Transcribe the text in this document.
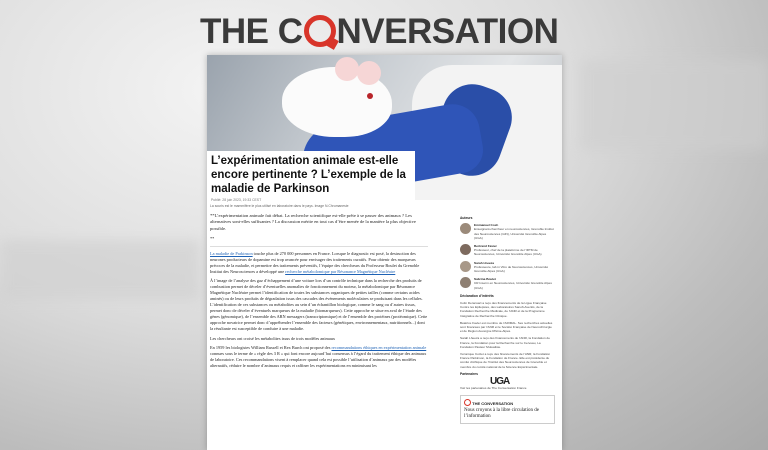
THE C NVERSATION
L’expérimentation animale est-elle encore pertinente ? L’exemple de la maladie de Parkinson
Publié: 28 juin 2023, 19:33 CEST
La souris est le mammifère le plus utilisé en laboratoire dans le pays. Image N.Chrumanesie

**L’expérimentation animale fait débat. La recherche scientifique est-elle prête à se passer des animaux ? Les alternatives sont-elles suffisantes ? La discussion mérite en tout cas d’être menée de la manière la plus objective possible.

**

La maladie de Parkinson touche plus de 270 000 personnes en France. Lorsque le diagnostic est posé, la destruction des neurones producteurs de dopamine est trop avancée pour envisager des traitements curatifs. Pour obtenir des marqueurs précoces de la maladie, et permettre des traitements préventifs, l’équipe des chercheurs du Professeur Boulet du Grenoble Institut des Neurosciences a développé une recherche métabolomique par Résonance Magnétique Nucléaire

À l’image de l’analyse des gaz d’échappement d’une voiture lors d’un contrôle technique dans la recherche des produits de combustion permet de déceler d’éventuelles anomalies de fonctionnement du moteur, la métabolomique par Résonance Magnétique Nucléaire permet l’identification de toutes les substances organiques de petites tailles (comme certains acides aminés) ou de leurs produits de dégradation issus des cascades des événements moléculaires se produisant dans les cellules. L’identification de ces substances ou métabolites au sein d’un échantillon biologique, comme le sang ou d’autres tissus, permet donc de déceler d’éventuels marqueurs de la maladie (biomarqueurs). Cette approche se situe en aval de l’étude des gènes (génomique), de l’ensemble des ARN messagers (transcriptomique) et de l’ensemble des protéines (protéomique). Cette approche novatrice permet donc d’appréhender l’ensemble des facteurs (génétiques, environnementaux, nutritionnels...) dont la résultante est susceptible de conduire à une maladie.

Les chercheurs ont croisé les métabolites issus de trois modèles animaux

En 1959 les biologistes William Russell et Rex Burch ont proposé des recommandations éthiques en expérimentation animale connues sous le terme de « règle des 3 R » qui font encore aujourd’hui consensus à l’égard du traitement éthique des animaux de laboratoire. Ces recommandations visent à remplacer quand cela est possible l’utilisation d’animaux par des modèles alternatifs, réduire le nombre d’animaux requis et raffiner les expérimentations en minimisant les

Auteurs
Emmanuel Cosh
Enseignant-chercheur en neurosciences, Grenoble Institut des Neurosciences (GIN), Université Grenoble Alpes (UGA)
Bertrand Favier
Professeur, chef de la plateforme de l’IRTM de Neurosciences, Université Grenoble Alpes (UGA)
Sarah Lheeza
Professeure, lab in Vitro de Neurosciences, Université Grenoble Alpes (UGA)
Sabrina Boulet
CR Inserm en Neurosciences, Université Grenoble Alpes (UGA)
Déclaration d’intérêts

Colin Deransart a reçu des financements de la Ligue Française Contre les Epilepsies, des Laboratoires Sanofi-Aventis, de la Fondation Recherche Médicale, de l’ANR et de la Programme Intégrative de Recherche Clinique.

Béatrice Favier est membre de l’ARIMAL. Ses recherches actuelles sont financées par l’ANR et le Société Française de Neurochirurgie et de Région Auvergne Rhône-Alpes.

Sarah Lheeza a reçu des financements de l’ANR, la Fondation de France, la Fondation pour la Recherche sur le Cerveau, La Fondation Pasteur Mutualiste.

Véronique Coizet a reçu des financements de l’ANR, la Fondation France Parkinson, la Fondation de France. Elle est présidente du comité d’éthique de l’Institut des Neurosciences de Grenoble et membre du comité national de la Science Expérimentale.

Partenaires
UGA

Voir les partenaires de The Conversation France

THE CONVERSATION
Nous croyons à la libre circulation de l’information
